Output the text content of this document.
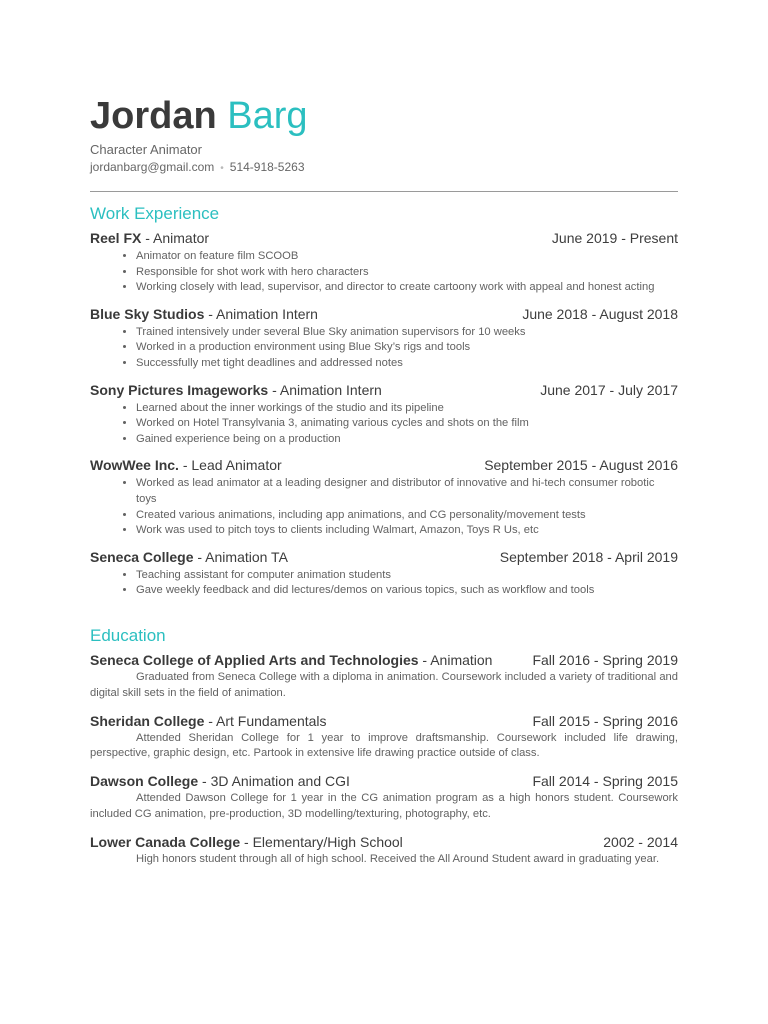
Jordan Barg
Character Animator
jordanbarg@gmail.com • 514-918-5263
Work Experience
Reel FX - Animator	June 2019 - Present
• Animator on feature film SCOOB
• Responsible for shot work with hero characters
• Working closely with lead, supervisor, and director to create cartoony work with appeal and honest acting
Blue Sky Studios - Animation Intern	June 2018 - August 2018
• Trained intensively under several Blue Sky animation supervisors for 10 weeks
• Worked in a production environment using Blue Sky’s rigs and tools
• Successfully met tight deadlines and addressed notes
Sony Pictures Imageworks - Animation Intern	June 2017 - July 2017
• Learned about the inner workings of the studio and its pipeline
• Worked on Hotel Transylvania 3, animating various cycles and shots on the film
• Gained experience being on a production
WowWee Inc. - Lead Animator	September 2015 - August 2016
• Worked as lead animator at a leading designer and distributor of innovative and hi-tech consumer robotic toys
• Created various animations, including app animations, and CG personality/movement tests
• Work was used to pitch toys to clients including Walmart, Amazon, Toys R Us, etc
Seneca College - Animation TA	September 2018 - April 2019
• Teaching assistant for computer animation students
• Gave weekly feedback and did lectures/demos on various topics, such as workflow and tools
Education
Seneca College of Applied Arts and Technologies - Animation	Fall 2016 - Spring 2019
Graduated from Seneca College with a diploma in animation. Coursework included a variety of traditional and digital skill sets in the field of animation.
Sheridan College - Art Fundamentals	Fall 2015 - Spring 2016
Attended Sheridan College for 1 year to improve draftsmanship. Coursework included life drawing, perspective, graphic design, etc. Partook in extensive life drawing practice outside of class.
Dawson College - 3D Animation and CGI	Fall 2014 - Spring 2015
Attended Dawson College for 1 year in the CG animation program as a high honors student. Coursework included CG animation, pre-production, 3D modelling/texturing, photography, etc.
Lower Canada College - Elementary/High School	2002 - 2014
High honors student through all of high school. Received the All Around Student award in graduating year.
